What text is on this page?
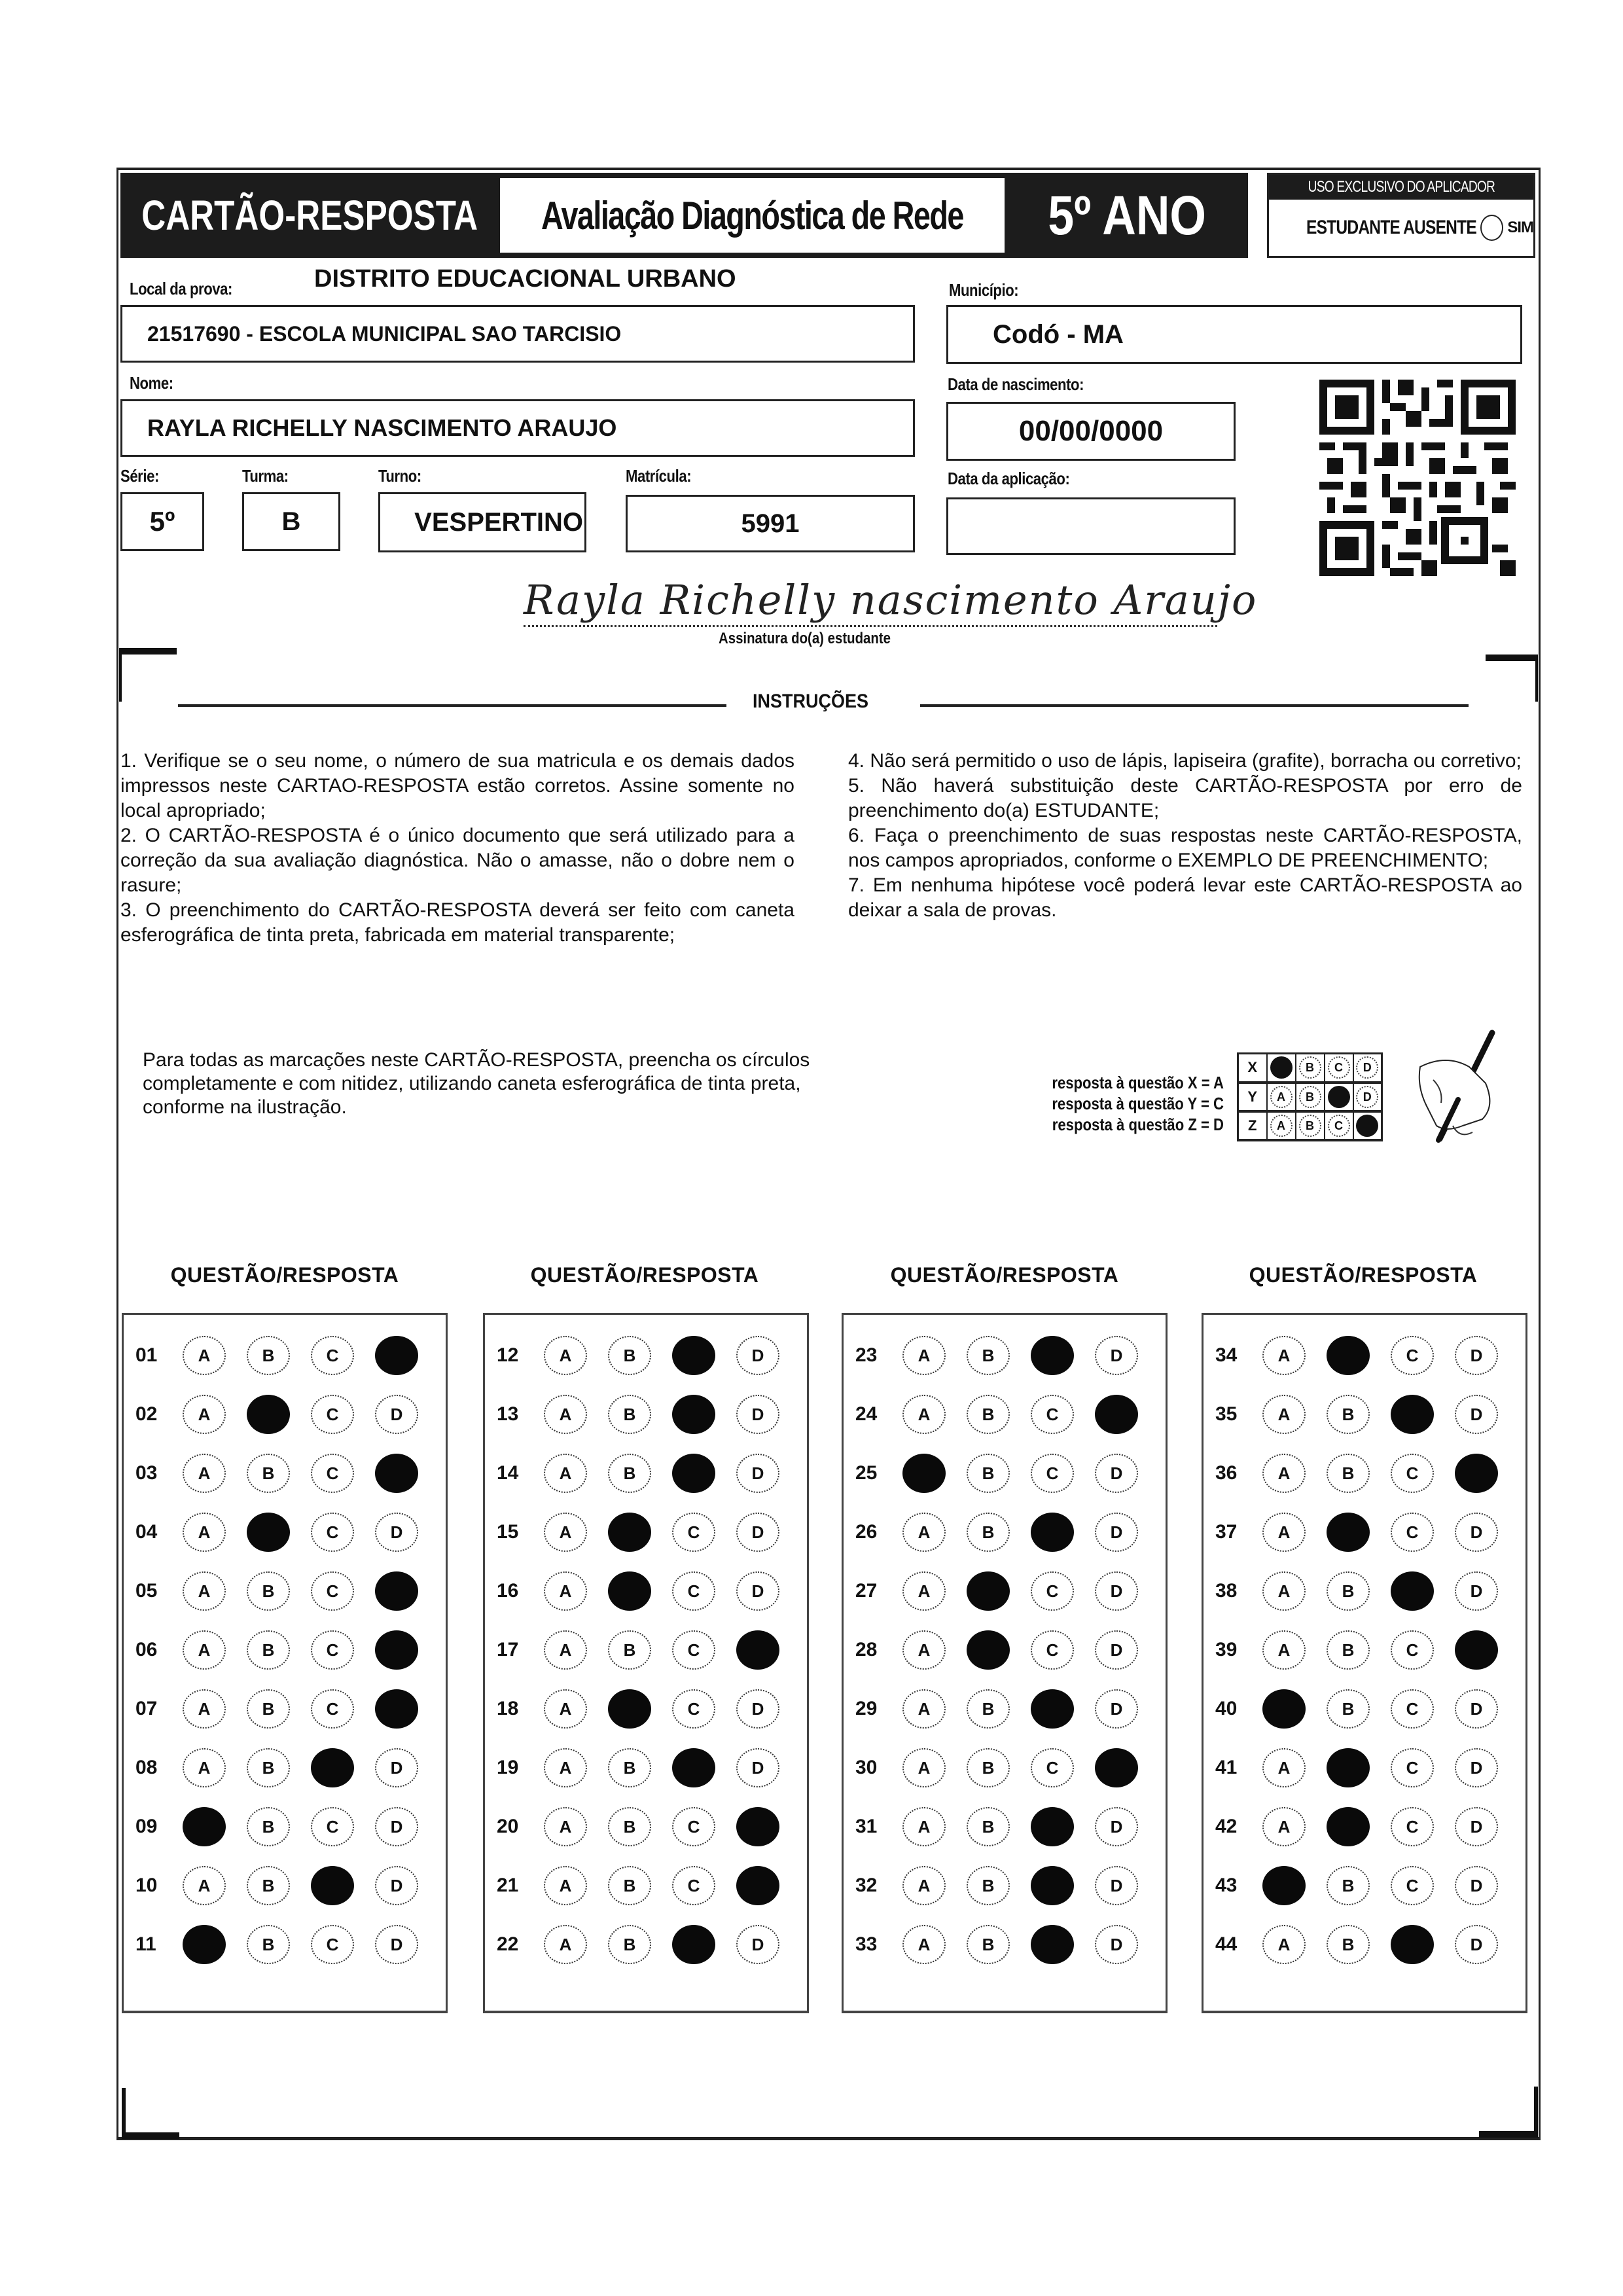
CARTÃO-RESPOSTA Avaliação Diagnóstica de Rede 5º ANO	USO EXCLUSIVO DO APLICADOR
ESTUDANTE AUSENTE SIM
Local da prova:	DISTRITO EDUCACIONAL URBANO
21517690 - ESCOLA MUNICIPAL SAO TARCISIO
Município:
Codó - MA
Nome:
RAYLA RICHELLY NASCIMENTO ARAUJO
Data de nascimento:
00/00/0000
Série:
5º
Turma:
B
Turno:
VESPERTINO
Matrícula:
5991
Data da aplicação:
Rayla Richelly nascimento Araujo
Assinatura do(a) estudante
INSTRUÇÕES

1. Verifique se o seu nome, o número de sua matricula e os demais dados impressos neste CARTAO-RESPOSTA estão corretos. Assine somente no local apropriado;

2. O CARTÃO-RESPOSTA é o único documento que será utilizado para a correção da sua avaliação diagnóstica. Não o amasse, não o dobre nem o rasure;

3. O preenchimento do CARTÃO-RESPOSTA deverá ser feito com caneta esferográfica de tinta preta, fabricada em material transparente;

4. Não será permitido o uso de lápis, lapiseira (grafite), borracha ou corretivo;

5. Não haverá substituição deste CARTÃO-RESPOSTA por erro de preenchimento do(a) ESTUDANTE;

6. Faça o preenchimento de suas respostas neste CARTÃO-RESPOSTA, nos campos apropriados, conforme o EXEMPLO DE PREENCHIMENTO;

7. Em nenhuma hipótese você poderá levar este CARTÃO-RESPOSTA ao deixar a sala de provas.

Para todas as marcações neste CARTÃO-RESPOSTA, preencha os círculos completamente e com nitidez, utilizando caneta esferográfica de tinta preta, conforme na ilustração.
resposta à questão X = A
resposta à questão Y = C
resposta à questão Z = D
X		B	C	D
Y	A	B		D
Z	A	B	C	
QUESTÃO/RESPOSTA	QUESTÃO/RESPOSTA	QUESTÃO/RESPOSTA	QUESTÃO/RESPOSTA
01	A	B	C
02	A	C	D
03	A	B	C
04	A	C	D
05	A	B	C
06	A	B	C
07	A	B	C
08	A	B	D
09	B	C	D
10	A	B	D
11	B	C	D
12	A	B	D
13	A	B	D
14	A	B	D
15	A	C	D
16	A	C	D
17	A	B	C
18	A	C	D
19	A	B	D
20	A	B	C
21	A	B	C
22	A	B	D
23	A	B	D
24	A	B	C
25	B	C	D
26	A	B	D
27	A	C	D
28	A	C	D
29	A	B	D
30	A	B	C
31	A	B	D
32	A	B	D
33	A	B	D
34	A	C	D
35	A	B	D
36	A	B	C
37	A	C	D
38	A	B	D
39	A	B	C
40	B	C	D
41	A	C	D
42	A	C	D
43	B	C	D
44	A	B	D
